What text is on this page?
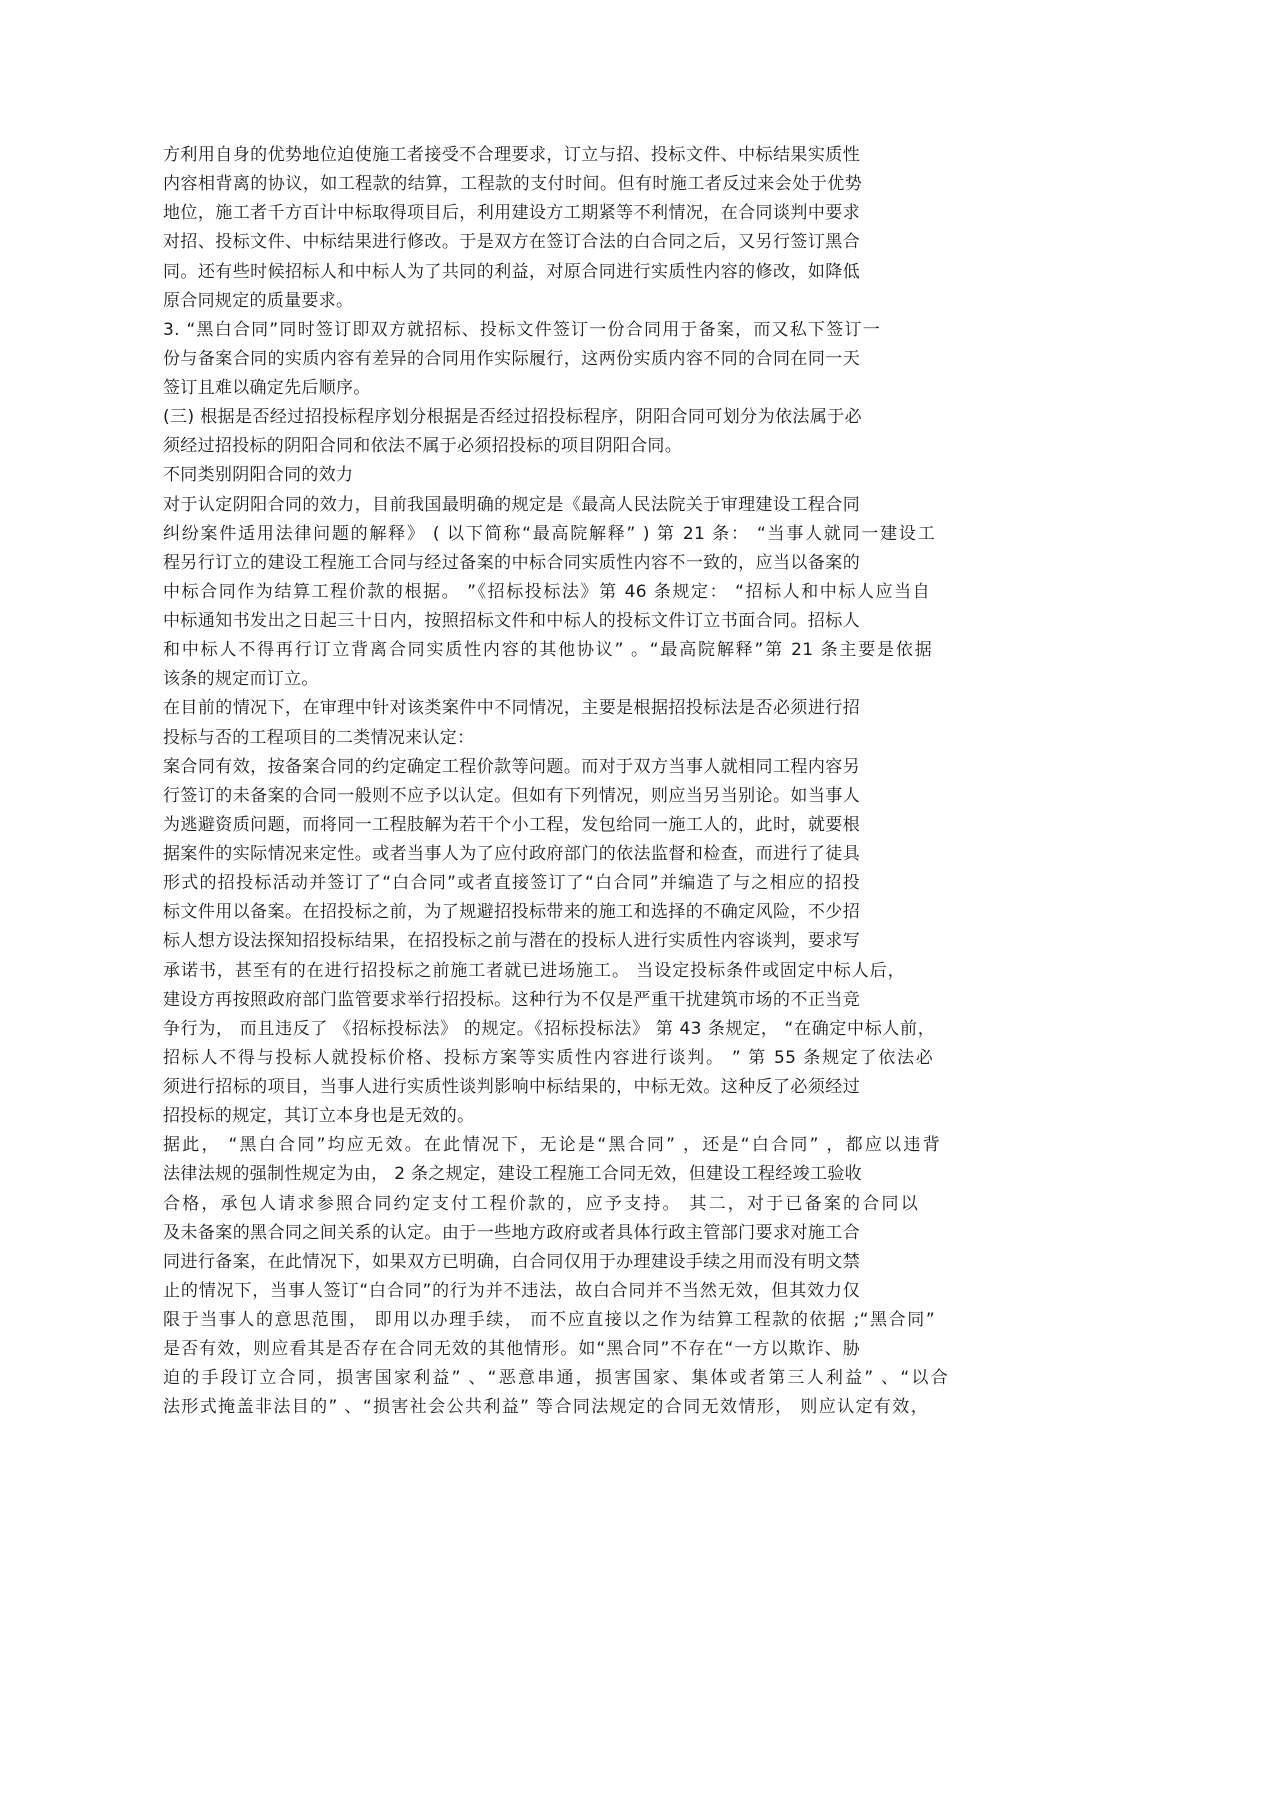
方利用自身的优势地位迫使施工者接受不合理要求，订立与招、投标文件、中标结果实质性
内容相背离的协议，如工程款的结算，工程款的支付时间。但有时施工者反过来会处于优势
地位，施工者千方百计中标取得项目后，利用建设方工期紧等不利情况，在合同谈判中要求
对招、投标文件、中标结果进行修改。于是双方在签订合法的白合同之后，又另行签订黑合
同。还有些时候招标人和中标人为了共同的利益，对原合同进行实质性内容的修改，如降低
原合同规定的质量要求。
3. “黑白合同”同时签订即双方就招标、投标文件签订一份合同用于备案，而又私下签订一
份与备案合同的实质内容有差异的合同用作实际履行，这两份实质内容不同的合同在同一天
签订且难以确定先后顺序。
(三) 根据是否经过招投标程序划分根据是否经过招投标程序，阴阳合同可划分为依法属于必
须经过招投标的阴阳合同和依法不属于必须招投标的项目阴阳合同。
不同类别阴阳合同的效力
对于认定阴阳合同的效力，目前我国最明确的规定是《最高人民法院关于审理建设工程合同
纠纷案件适用法律问题的解释》 ( 以下简称“最高院解释” ) 第 21 条： “当事人就同一建设工
程另行订立的建设工程施工合同与经过备案的中标合同实质性内容不一致的，应当以备案的
中标合同作为结算工程价款的根据。 ”《招标投标法》第 46 条规定： “招标人和中标人应当自
中标通知书发出之日起三十日内，按照招标文件和中标人的投标文件订立书面合同。招标人
和中标人不得再行订立背离合同实质性内容的其他协议” 。“最高院解释”第 21 条主要是依据
该条的规定而订立。
在目前的情况下，在审理中针对该类案件中不同情况，主要是根据招投标法是否必须进行招
投标与否的工程项目的二类情况来认定：
案合同有效，按备案合同的约定确定工程价款等问题。而对于双方当事人就相同工程内容另
行签订的未备案的合同一般则不应予以认定。但如有下列情况，则应当另当别论。如当事人
为逃避资质问题，而将同一工程肢解为若干个小工程，发包给同一施工人的，此时，就要根
据案件的实际情况来定性。或者当事人为了应付政府部门的依法监督和检查，而进行了徒具
形式的招投标活动并签订了“白合同”或者直接签订了“白合同”并编造了与之相应的招投
标文件用以备案。在招投标之前，为了规避招投标带来的施工和选择的不确定风险，不少招
标人想方设法探知招投标结果，在招投标之前与潜在的投标人进行实质性内容谈判，要求写
承诺书，甚至有的在进行招投标之前施工者就已进场施工。 当设定投标条件或固定中标人后，
建设方再按照政府部门监管要求举行招投标。这种行为不仅是严重干扰建筑市场的不正当竞
争行为， 而且违反了 《招标投标法》 的规定。《招标投标法》 第 43 条规定， “在确定中标人前，
招标人不得与投标人就投标价格、投标方案等实质性内容进行谈判。 ” 第 55 条规定了依法必
须进行招标的项目，当事人进行实质性谈判影响中标结果的，中标无效。这种反了必须经过
招投标的规定，其订立本身也是无效的。
据此， “黑白合同”均应无效。在此情况下，无论是“黑合同” ，还是“白合同” ，都应以违背
法律法规的强制性规定为由， 2 条之规定，建设工程施工合同无效，但建设工程经竣工验收
合格，承包人请求参照合同约定支付工程价款的，应予支持。 其二，对于已备案的合同以
及未备案的黑合同之间关系的认定。由于一些地方政府或者具体行政主管部门要求对施工合
同进行备案，在此情况下，如果双方已明确，白合同仅用于办理建设手续之用而没有明文禁
止的情况下，当事人签订“白合同”的行为并不违法，故白合同并不当然无效，但其效力仅
限于当事人的意思范围， 即用以办理手续， 而不应直接以之作为结算工程款的依据 ;“黑合同”
是否有效，则应看其是否存在合同无效的其他情形。如“黑合同”不存在“一方以欺诈、胁
迫的手段订立合同，损害国家利益” 、“恶意串通，损害国家、集体或者第三人利益” 、“以合
法形式掩盖非法目的” 、“损害社会公共利益” 等合同法规定的合同无效情形， 则应认定有效，
